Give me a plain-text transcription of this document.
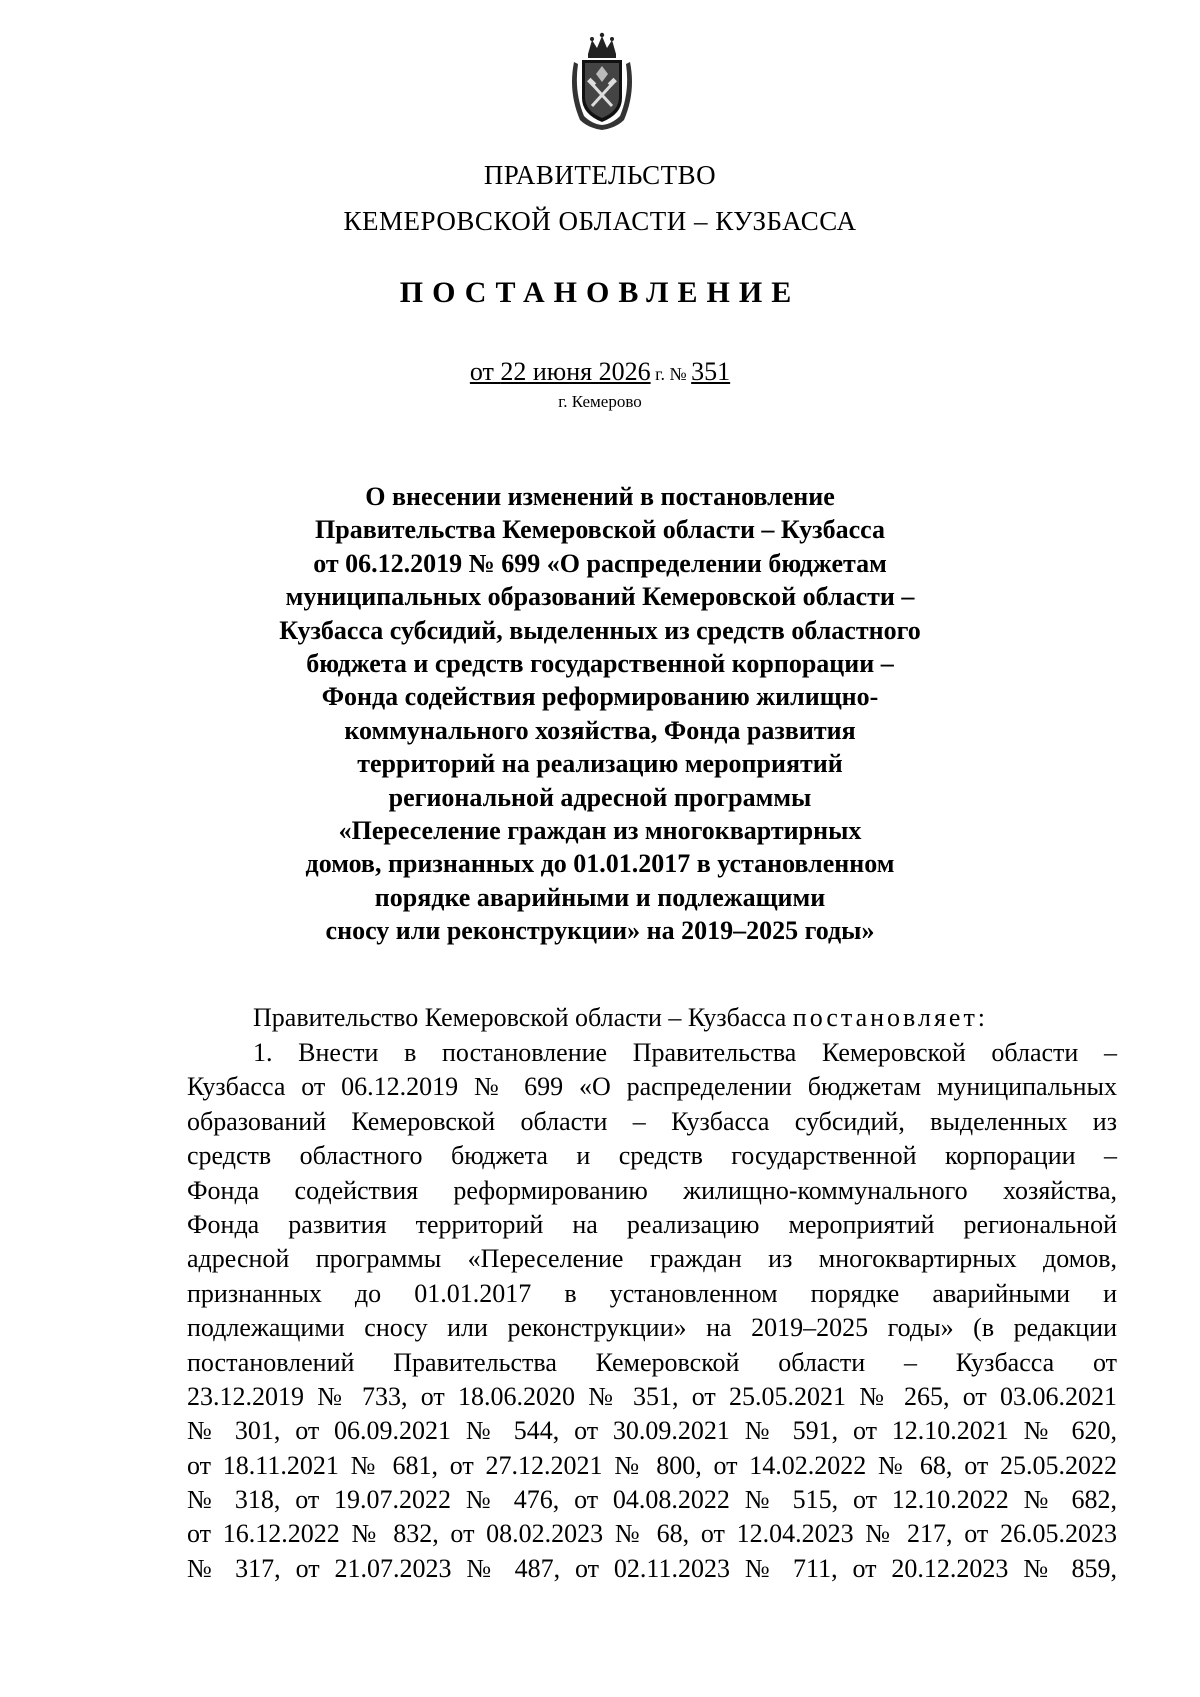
ПРАВИТЕЛЬСТВО
КЕМЕРОВСКОЙ ОБЛАСТИ – КУЗБАССА
ПОСТАНОВЛЕНИЕ
от 22 июня 2026 г. № 351
г. Кемерово
О внесении изменений в постановление
Правительства Кемеровской области – Кузбасса
от 06.12.2019 № 699 «О распределении бюджетам
муниципальных образований Кемеровской области –
Кузбасса субсидий, выделенных из средств областного
бюджета и средств государственной корпорации –
Фонда содействия реформированию жилищно-
коммунального хозяйства, Фонда развития
территорий на реализацию мероприятий
региональной адресной программы
«Переселение граждан из многоквартирных
домов, признанных до 01.01.2017 в установленном
порядке аварийными и подлежащими
сносу или реконструкции» на 2019–2025 годы»
Правительство Кемеровской области – Кузбасса постановляет:
1. Внести в постановление Правительства Кемеровской области –
Кузбасса от 06.12.2019 № 699 «О распределении бюджетам муниципальных
образований Кемеровской области – Кузбасса субсидий, выделенных из
средств областного бюджета и средств государственной корпорации –
Фонда содействия реформированию жилищно-коммунального хозяйства,
Фонда развития территорий на реализацию мероприятий региональной
адресной программы «Переселение граждан из многоквартирных домов,
признанных до 01.01.2017 в установленном порядке аварийными и
подлежащими сносу или реконструкции» на 2019–2025 годы» (в редакции
постановлений Правительства Кемеровской области – Кузбасса от
23.12.2019 № 733, от 18.06.2020 № 351, от 25.05.2021 № 265, от 03.06.2021
№ 301, от 06.09.2021 № 544, от 30.09.2021 № 591, от 12.10.2021 № 620,
от 18.11.2021 № 681, от 27.12.2021 № 800, от 14.02.2022 № 68, от 25.05.2022
№ 318, от 19.07.2022 № 476, от 04.08.2022 № 515, от 12.10.2022 № 682,
от 16.12.2022 № 832, от 08.02.2023 № 68, от 12.04.2023 № 217, от 26.05.2023
№ 317, от 21.07.2023 № 487, от 02.11.2023 № 711, от 20.12.2023 № 859,
